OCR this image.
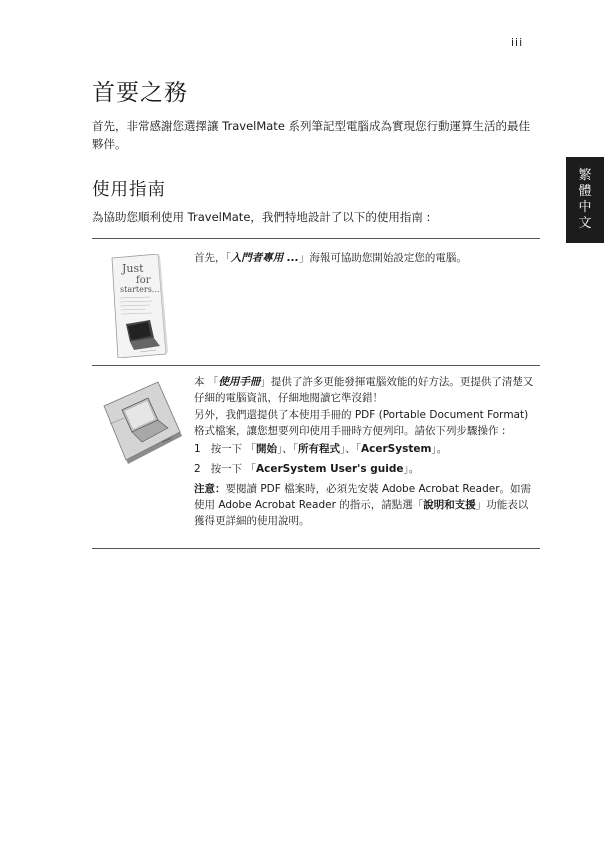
iii
繁
體
中
文
首要之務

首先，非常感謝您選擇讓 TravelMate 系列筆記型電腦成為實現您行動運算生活的最佳夥伴。

使用指南

為協助您順利使用 TravelMate，我們特地設計了以下的使用指南 :

Just
for
starters...
首先，「入門者專用 ...」海報可協助您開始設定您的電腦。

本 「使用手冊」提供了許多更能發揮電腦效能的好方法。更提供了清楚又仔細的電腦資訊，仔細地閱讀它準沒錯！

另外，我們還提供了本使用手冊的 PDF (Portable Document Format) 格式檔案，讓您想要列印使用手冊時方便列印。請依下列步驟操作 :

1 按一下 「開始」、「所有程式」、「AcerSystem」。
2 按一下 「AcerSystem User's guide」。

注意：要閱讀 PDF 檔案時，必須先安裝 Adobe Acrobat Reader。如需使用 Adobe Acrobat Reader 的指示，請點選「說明和支援」功能表以獲得更詳細的使用說明。
